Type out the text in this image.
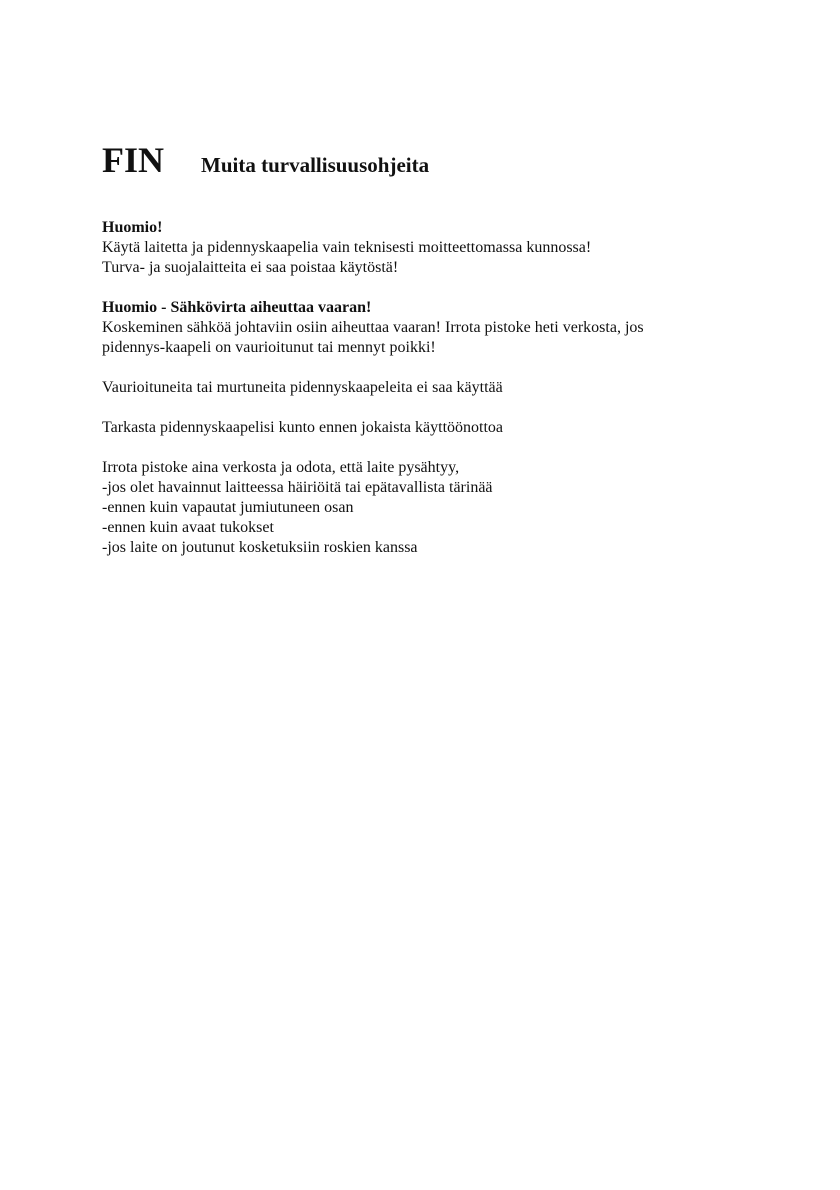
FIN	Muita turvallisuusohjeita
Huomio!
Käytä laitetta ja pidennyskaapelia vain teknisesti moitteettomassa kunnossa!
Turva- ja suojalaitteita ei saa poistaa käytöstä!
Huomio - Sähkövirta aiheuttaa vaaran!
Koskeminen sähköä johtaviin osiin aiheuttaa vaaran! Irrota pistoke heti verkosta, jos pidennys-kaapeli on vaurioitunut tai mennyt poikki!
Vaurioituneita tai murtuneita pidennyskaapeleita ei saa käyttää
Tarkasta pidennyskaapelisi kunto ennen jokaista käyttöönottoa
Irrota pistoke aina verkosta ja odota, että laite pysähtyy,
-jos olet havainnut laitteessa häiriöitä tai epätavallista tärinää
-ennen kuin vapautat jumiutuneen osan
-ennen kuin avaat tukokset
-jos laite on joutunut kosketuksiin roskien kanssa
